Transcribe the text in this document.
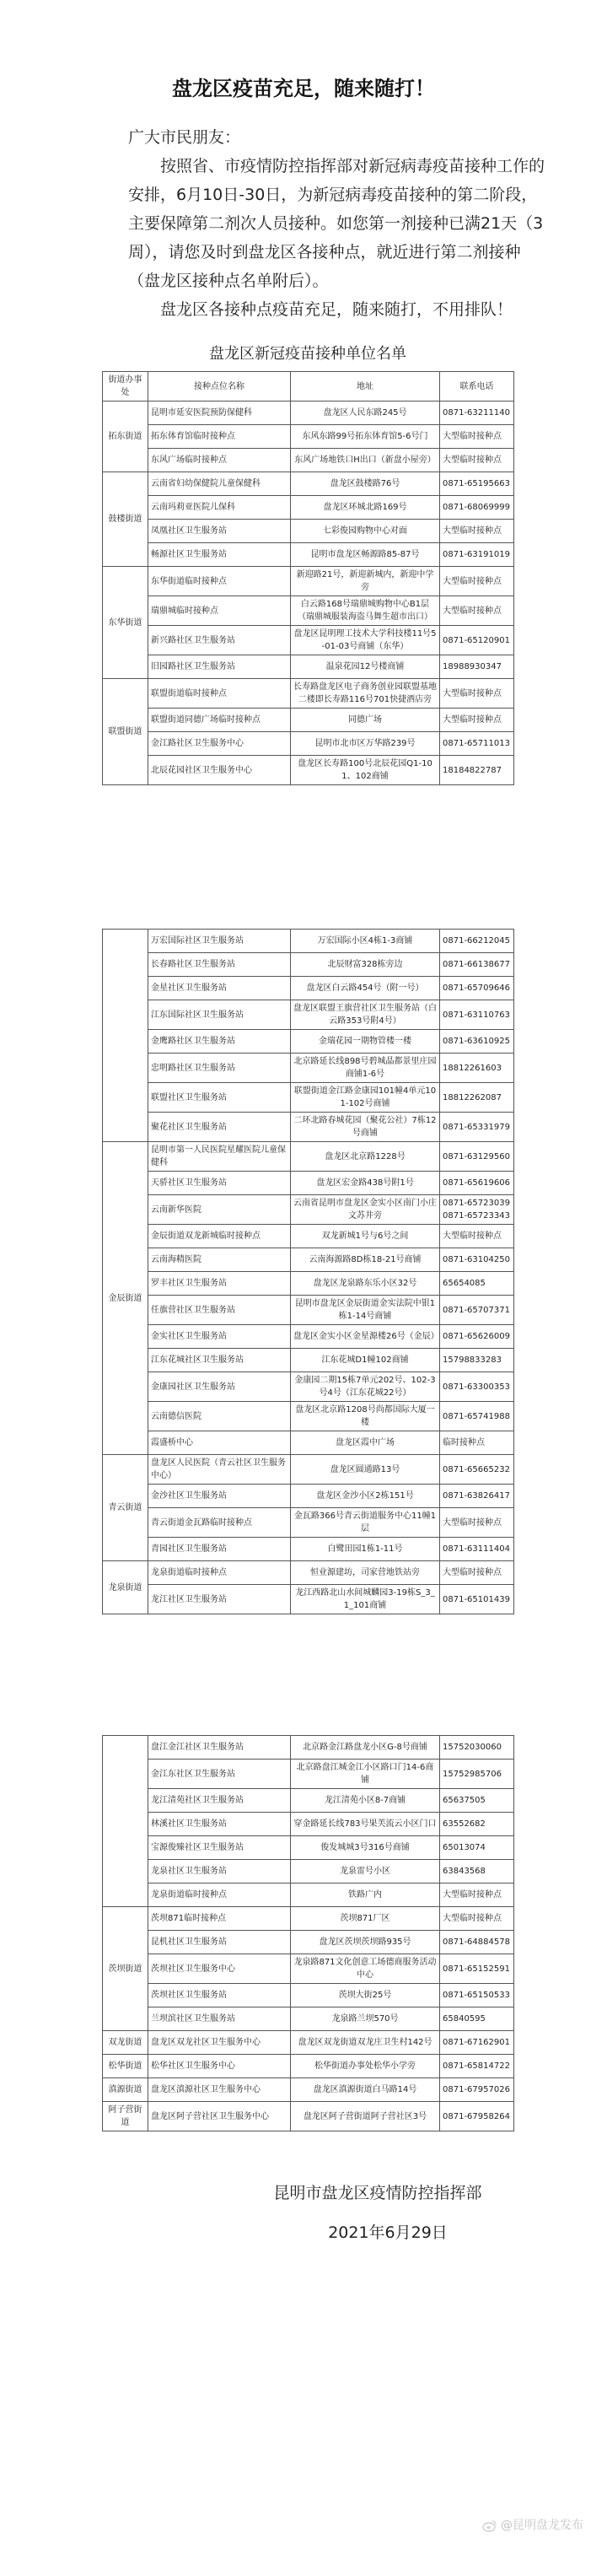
盘龙区疫苗充足，随来随打！

广大市民朋友：

按照省、市疫情防控指挥部对新冠病毒疫苗接种工作的安排，6月10日-30日，为新冠病毒疫苗接种的第二阶段，主要保障第二剂次人员接种。如您第一剂接种已满21天（3周），请您及时到盘龙区各接种点，就近进行第二剂接种（盘龙区接种点名单附后）。

盘龙区各接种点疫苗充足，随来随打，不用排队！

盘龙区新冠疫苗接种单位名单
街道办事处	接种点位名称	地址	联系电话
拓东街道	昆明市延安医院预防保健科	盘龙区人民东路245号	0871-63211140
	拓东体育馆临时接种点	东风东路99号拓东体育馆5-6号门	大型临时接种点
	东风广场临时接种点	东风广场地铁口H出口（新盘小屋旁）	大型临时接种点
鼓楼街道	云南省妇幼保健院儿童保健科	盘龙区鼓楼路76号	0871-65195663
	云南玛莉亚医院儿保科	盘龙区环城北路169号	0871-68069999
	凤凰社区卫生服务站	七彩俊园购物中心对面	大型临时接种点
	畅源社区卫生服务站	昆明市盘龙区畅源路85-87号	0871-63191019
东华街道	东华街道临时接种点	新迎路21号，新迎新城内，新迎中学旁	大型临时接种点
	瑞鼎城临时接种点	白云路168号瑞鼎城购物中心B1层（瑞鼎城服装海盗马舞生超市出口）	大型临时接种点
	新兴路社区卫生服务站	盘龙区昆明理工技术大学科技楼11号5-01-03号商铺（东华）	0871-65120901
	旧园路社区卫生服务站	温泉花园12号楼商铺	18988930347
联盟街道	联盟街道临时接种点	长寿路盘龙区电子商务创业园联盟基地二楼即长寿路116号701快捷酒店旁	大型临时接种点
	联盟街道同德广场临时接种点	同德广场	大型临时接种点
	金江路社区卫生服务中心	昆明市北市区万华路239号	0871-65711013
	北辰花园社区卫生服务中心	盘龙区长寿路100号北辰花园Q1-101、102商铺	18184822787
	万宏国际社区卫生服务站	万宏国际小区4栋1-3商铺	0871-66212045
	长春路社区卫生服务站	北辰财富328栋旁边	0871-66138677
	金星社区卫生服务站	盘龙区白云路454号（附一号）	0871-65709646
	江东国际社区卫生服务站	盘龙区联盟王旗营社区卫生服务站（白云路353号附4号）	0871-63110763
	金鹰路社区卫生服务站	金瑞花园一期物管楼一楼	0871-63610925
	忠明路社区卫生服务站	北京路延长线898号碧城晶都景里庄园商铺1-6号	18812261603
	联盟社区卫生服务站	联盟街道金江路金康园101幢4单元101-102号商铺	18812262087
	聚花社区卫生服务站	二环北路春城花园（聚花公社）7栋12号商铺	0871-65331979
金辰街道	昆明市第一人民医院星耀医院儿童保健科	盘龙区北京路1228号	0871-63129560
	天骄社区卫生服务站	盘龙区宏金路438号附1号	0871-65619606
	云南新华医院	云南省昆明市盘龙区金实小区南门小庄文苏井旁	0871-65723039 0871-65723343
	金辰街道双龙新城临时接种点	双龙新城1号与6号之间	大型临时接种点
	云南海精医院	云南海源路8D栋18-21号商铺	0871-63104250
	罗丰社区卫生服务站	盘龙区龙泉路东乐小区32号	65654085
	任旗营社区卫生服务站	昆明市盘龙区金辰街道金实法院中银1栋1-14号商铺	0871-65707371
	金实社区卫生服务站	盘龙区金实小区金星源楼26号（金辰）	0871-65626009
	江东花城社区卫生服务站	江东花城D1幢102商铺	15798833283
	金康园社区卫生服务站	金康园二期15栋7单元202号、102-3号4号（江东花城22号）	0871-63300353
	云南德信医院	盘龙区北京路1208号尚都国际大厦一楼	0871-65741988
	霞盛桥中心	盘龙区霞中广场	临时接种点
青云街道	盘龙区人民医院（青云社区卫生服务中心）	盘龙区圆通路13号	0871-65665232
	金沙社区卫生服务站	盘龙区金沙小区2栋151号	0871-63826417
	青云街道金瓦路临时接种点	金瓦路366号青云街道服务中心11幢1层	大型临时接种点
	青园社区卫生服务站	白鹭田园1栋1-11号	0871-63111404
龙泉街道	龙泉街道临时接种点	恒业源建坊，司家营地铁站旁	大型临时接种点
	龙江社区卫生服务站	龙江西路北山水间城麟园3-19栋S_3_1_101商铺	0871-65101439
	盘江金江社区卫生服务站	北京路金江路盘龙小区G-8号商铺	15752030060
	金江东社区卫生服务站	北京路盘江城金江小区路口门14-6商铺	15752985706
	龙江清苑社区卫生服务站	龙江清苑小区8-7商铺	65637505
	林溪社区卫生服务站	穿金路延长线783号果芙流云小区门口	63552682
	宝源俊臻社区卫生服务站	俊发城城3号316号商铺	65013074
	龙泉社区卫生服务站	龙泉雷号小区	63843568
	龙泉街道临时接种点	铁路广内	大型临时接种点
茨坝街道	茨坝871临时接种点	茨坝871厂区	大型临时接种点
	昆机社区卫生服务站	盘龙区茨坝茨坝路935号	0871-64884578
	茨坝社区卫生服务中心	龙泉路871文化创意工场德商服务活动中心	0871-65152591
	茨坝社区卫生服务站	茨坝大街25号	0871-65150533
	兰坝滨社区卫生服务站	龙泉路兰坝570号	65840595
双龙街道	盘龙区双龙社区卫生服务中心	盘龙区双龙街道双龙庄卫生村142号	0871-67162901
松华街道	松华社区卫生服务中心	松华街道办事处松华小学旁	0871-65814722
滇源街道	盘龙区滇源社区卫生服务中心	盘龙区滇源街道白马路14号	0871-67957026
阿子营街道	盘龙区阿子营社区卫生服务中心	盘龙区阿子营街道阿子营社区3号	0871-67958264
昆明市盘龙区疫情防控指挥部
2021年6月29日
@昆明盘龙发布
